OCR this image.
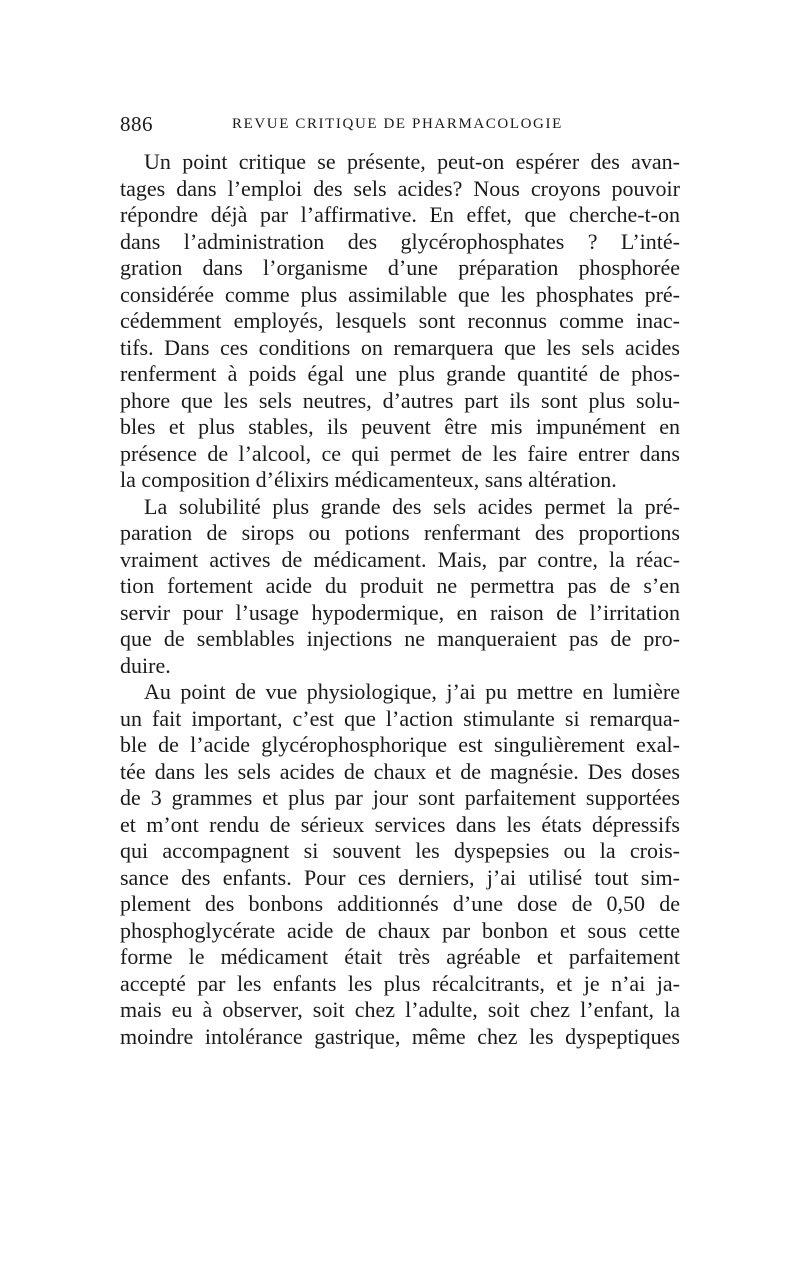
886	REVUE CRITIQUE DE PHARMACOLOGIE
Un point critique se présente, peut-on espérer des avan-
tages dans l’emploi des sels acides? Nous croyons pouvoir
répondre déjà par l’affirmative. En effet, que cherche-t-on
dans l’administration des glycérophosphates ? L’inté-
gration dans l’organisme d’une préparation phosphorée
considérée comme plus assimilable que les phosphates pré-
cédemment employés, lesquels sont reconnus comme inac-
tifs. Dans ces conditions on remarquera que les sels acides
renferment à poids égal une plus grande quantité de phos-
phore que les sels neutres, d’autres part ils sont plus solu-
bles et plus stables, ils peuvent être mis impunément en
présence de l’alcool, ce qui permet de les faire entrer dans
la composition d’élixirs médicamenteux, sans altération.
La solubilité plus grande des sels acides permet la pré-
paration de sirops ou potions renfermant des proportions
vraiment actives de médicament. Mais, par contre, la réac-
tion fortement acide du produit ne permettra pas de s’en
servir pour l’usage hypodermique, en raison de l’irritation
que de semblables injections ne manqueraient pas de pro-
duire.
Au point de vue physiologique, j’ai pu mettre en lumière
un fait important, c’est que l’action stimulante si remarqua-
ble de l’acide glycérophosphorique est singulièrement exal-
tée dans les sels acides de chaux et de magnésie. Des doses
de 3 grammes et plus par jour sont parfaitement supportées
et m’ont rendu de sérieux services dans les états dépressifs
qui accompagnent si souvent les dyspepsies ou la crois-
sance des enfants. Pour ces derniers, j’ai utilisé tout sim-
plement des bonbons additionnés d’une dose de 0,50 de
phosphoglycérate acide de chaux par bonbon et sous cette
forme le médicament était très agréable et parfaitement
accepté par les enfants les plus récalcitrants, et je n’ai ja-
mais eu à observer, soit chez l’adulte, soit chez l’enfant, la
moindre intolérance gastrique, même chez les dyspeptiques
